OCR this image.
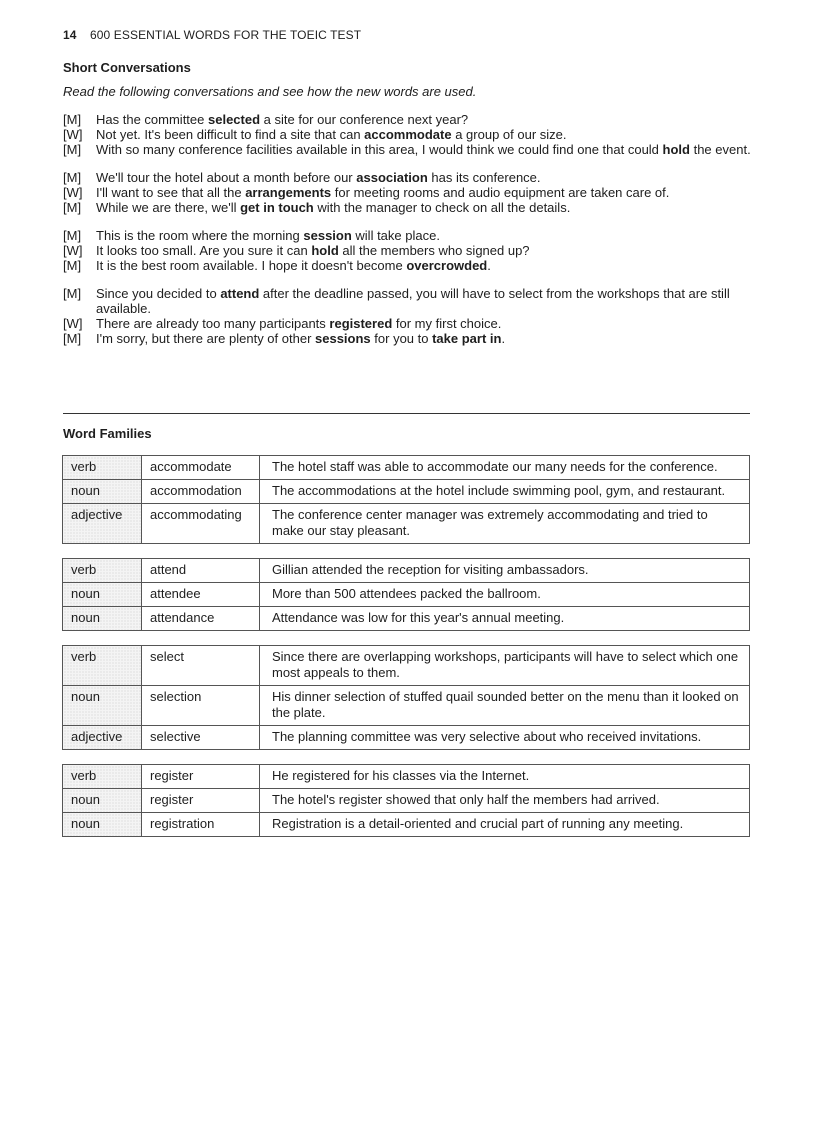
14 600 ESSENTIAL WORDS FOR THE TOEIC TEST
Short Conversations
Read the following conversations and see how the new words are used.
[M]	Has the committee selected a site for our conference next year?
[W]	Not yet. It's been difficult to find a site that can accommodate a group of our size.
[M]	With so many conference facilities available in this area, I would think we could find one that could hold the event.
[M]	We'll tour the hotel about a month before our association has its conference.
[W]	I'll want to see that all the arrangements for meeting rooms and audio equipment are taken care of.
[M]	While we are there, we'll get in touch with the manager to check on all the details.
[M]	This is the room where the morning session will take place.
[W]	It looks too small. Are you sure it can hold all the members who signed up?
[M]	It is the best room available. I hope it doesn't become overcrowded.
[M]	Since you decided to attend after the deadline passed, you will have to select from the workshops that are still available.
[W]	There are already too many participants registered for my first choice.
[M]	I'm sorry, but there are plenty of other sessions for you to take part in.
Word Families
verb	accommodate	The hotel staff was able to accommodate our many needs for the conference.
noun	accommodation	The accommodations at the hotel include swimming pool, gym, and restaurant.
adjective	accommodating	The conference center manager was extremely accommodating and tried to make our stay pleasant.
verb	attend	Gillian attended the reception for visiting ambassadors.
noun	attendee	More than 500 attendees packed the ballroom.
noun	attendance	Attendance was low for this year's annual meeting.
verb	select	Since there are overlapping workshops, participants will have to select which one most appeals to them.
noun	selection	His dinner selection of stuffed quail sounded better on the menu than it looked on the plate.
adjective	selective	The planning committee was very selective about who received invitations.
verb	register	He registered for his classes via the Internet.
noun	register	The hotel's register showed that only half the members had arrived.
noun	registration	Registration is a detail-oriented and crucial part of running any meeting.
